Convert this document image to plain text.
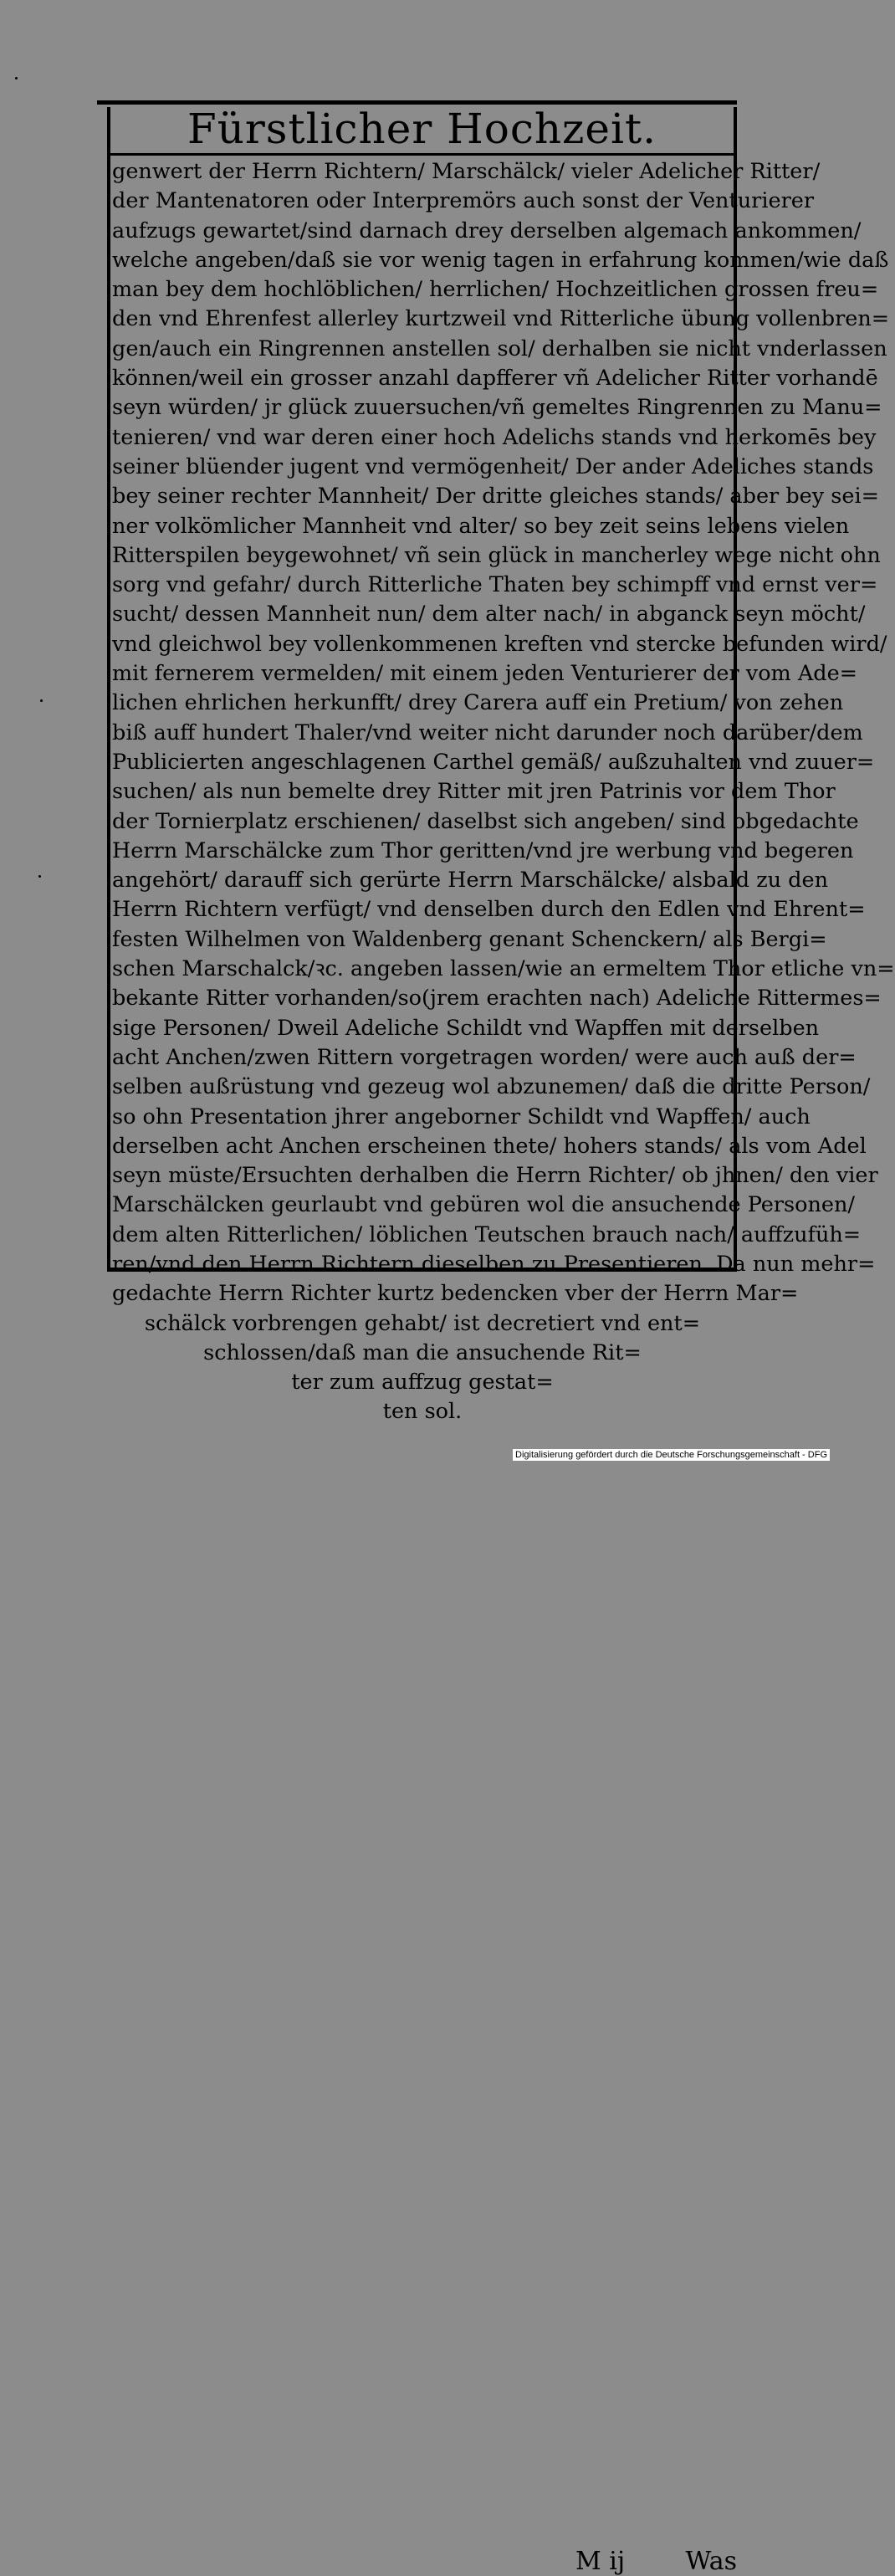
Fürstlicher Hochzeit.
genwert der Herrn Richtern/ Marschälck/ vieler Adelicher Ritter/
der Mantenatoren oder Interpremörs auch sonst der Venturierer
aufzugs gewartet/sind darnach drey derselben algemach ankommen/
welche angeben/daß sie vor wenig tagen in erfahrung kommen/wie daß
man bey dem hochlöblichen/ herrlichen/ Hochzeitlichen grossen freu=
den vnd Ehrenfest allerley kurtzweil vnd Ritterliche übung vollenbren=
gen/auch ein Ringrennen anstellen sol/ derhalben sie nicht vnderlassen
können/weil ein grosser anzahl dapfferer vñ Adelicher Ritter vorhandē
seyn würden/ jr glück zuuersuchen/vñ gemeltes Ringrennen zu Manu=
tenieren/ vnd war deren einer hoch Adelichs stands vnd herkomēs bey
seiner blüender jugent vnd vermögenheit/ Der ander Adeliches stands
bey seiner rechter Mannheit/ Der dritte gleiches stands/ aber bey sei=
ner volkömlicher Mannheit vnd alter/ so bey zeit seins lebens vielen
Ritterspilen beygewohnet/ vñ sein glück in mancherley wege nicht ohn
sorg vnd gefahr/ durch Ritterliche Thaten bey schimpff vnd ernst ver=
sucht/ dessen Mannheit nun/ dem alter nach/ in abganck seyn möcht/
vnd gleichwol bey vollenkommenen kreften vnd stercke befunden wird/
mit fernerem vermelden/ mit einem jeden Venturierer der vom Ade=
lichen ehrlichen herkunfft/ drey Carera auff ein Pretium/ von zehen
biß auff hundert Thaler/vnd weiter nicht darunder noch darüber/dem
Publicierten angeschlagenen Carthel gemäß/ außzuhalten vnd zuuer=
suchen/ als nun bemelte drey Ritter mit jren Patrinis vor dem Thor
der Tornierplatz erschienen/ daselbst sich angeben/ sind obgedachte
Herrn Marschälcke zum Thor geritten/vnd jre werbung vnd begeren
angehört/ darauff sich gerürte Herrn Marschälcke/ alsbald zu den
Herrn Richtern verfügt/ vnd denselben durch den Edlen vnd Ehrent=
festen Wilhelmen von Waldenberg genant Schenckern/ als Bergi=
schen Marschalck/ꝛc. angeben lassen/wie an ermeltem Thor etliche vn=
bekante Ritter vorhanden/so(jrem erachten nach) Adeliche Rittermes=
sige Personen/ Dweil Adeliche Schildt vnd Wapffen mit derselben
acht Anchen/zwen Rittern vorgetragen worden/ were auch auß der=
selben außrüstung vnd gezeug wol abzunemen/ daß die dritte Person/
so ohn Presentation jhrer angeborner Schildt vnd Wapffen/ auch
derselben acht Anchen erscheinen thete/ hohers stands/ als vom Adel
seyn müste/Ersuchten derhalben die Herrn Richter/ ob jhnen/ den vier
Marschälcken geurlaubt vnd gebüren wol die ansuchende Personen/
dem alten Ritterlichen/ löblichen Teutschen brauch nach/ auffzufüh=
ren/vnd den Herrn Richtern dieselben zu Presentieren. Da nun mehr=
gedachte Herrn Richter kurtz bedencken vber der Herrn Mar=
schälck vorbrengen gehabt/ ist decretiert vnd ent=
schlossen/daß man die ansuchende Rit=
ter zum auffzug gestat=
ten sol.
M ij Was
Digitalisierung gefördert durch die Deutsche Forschungsgemeinschaft - DFG
